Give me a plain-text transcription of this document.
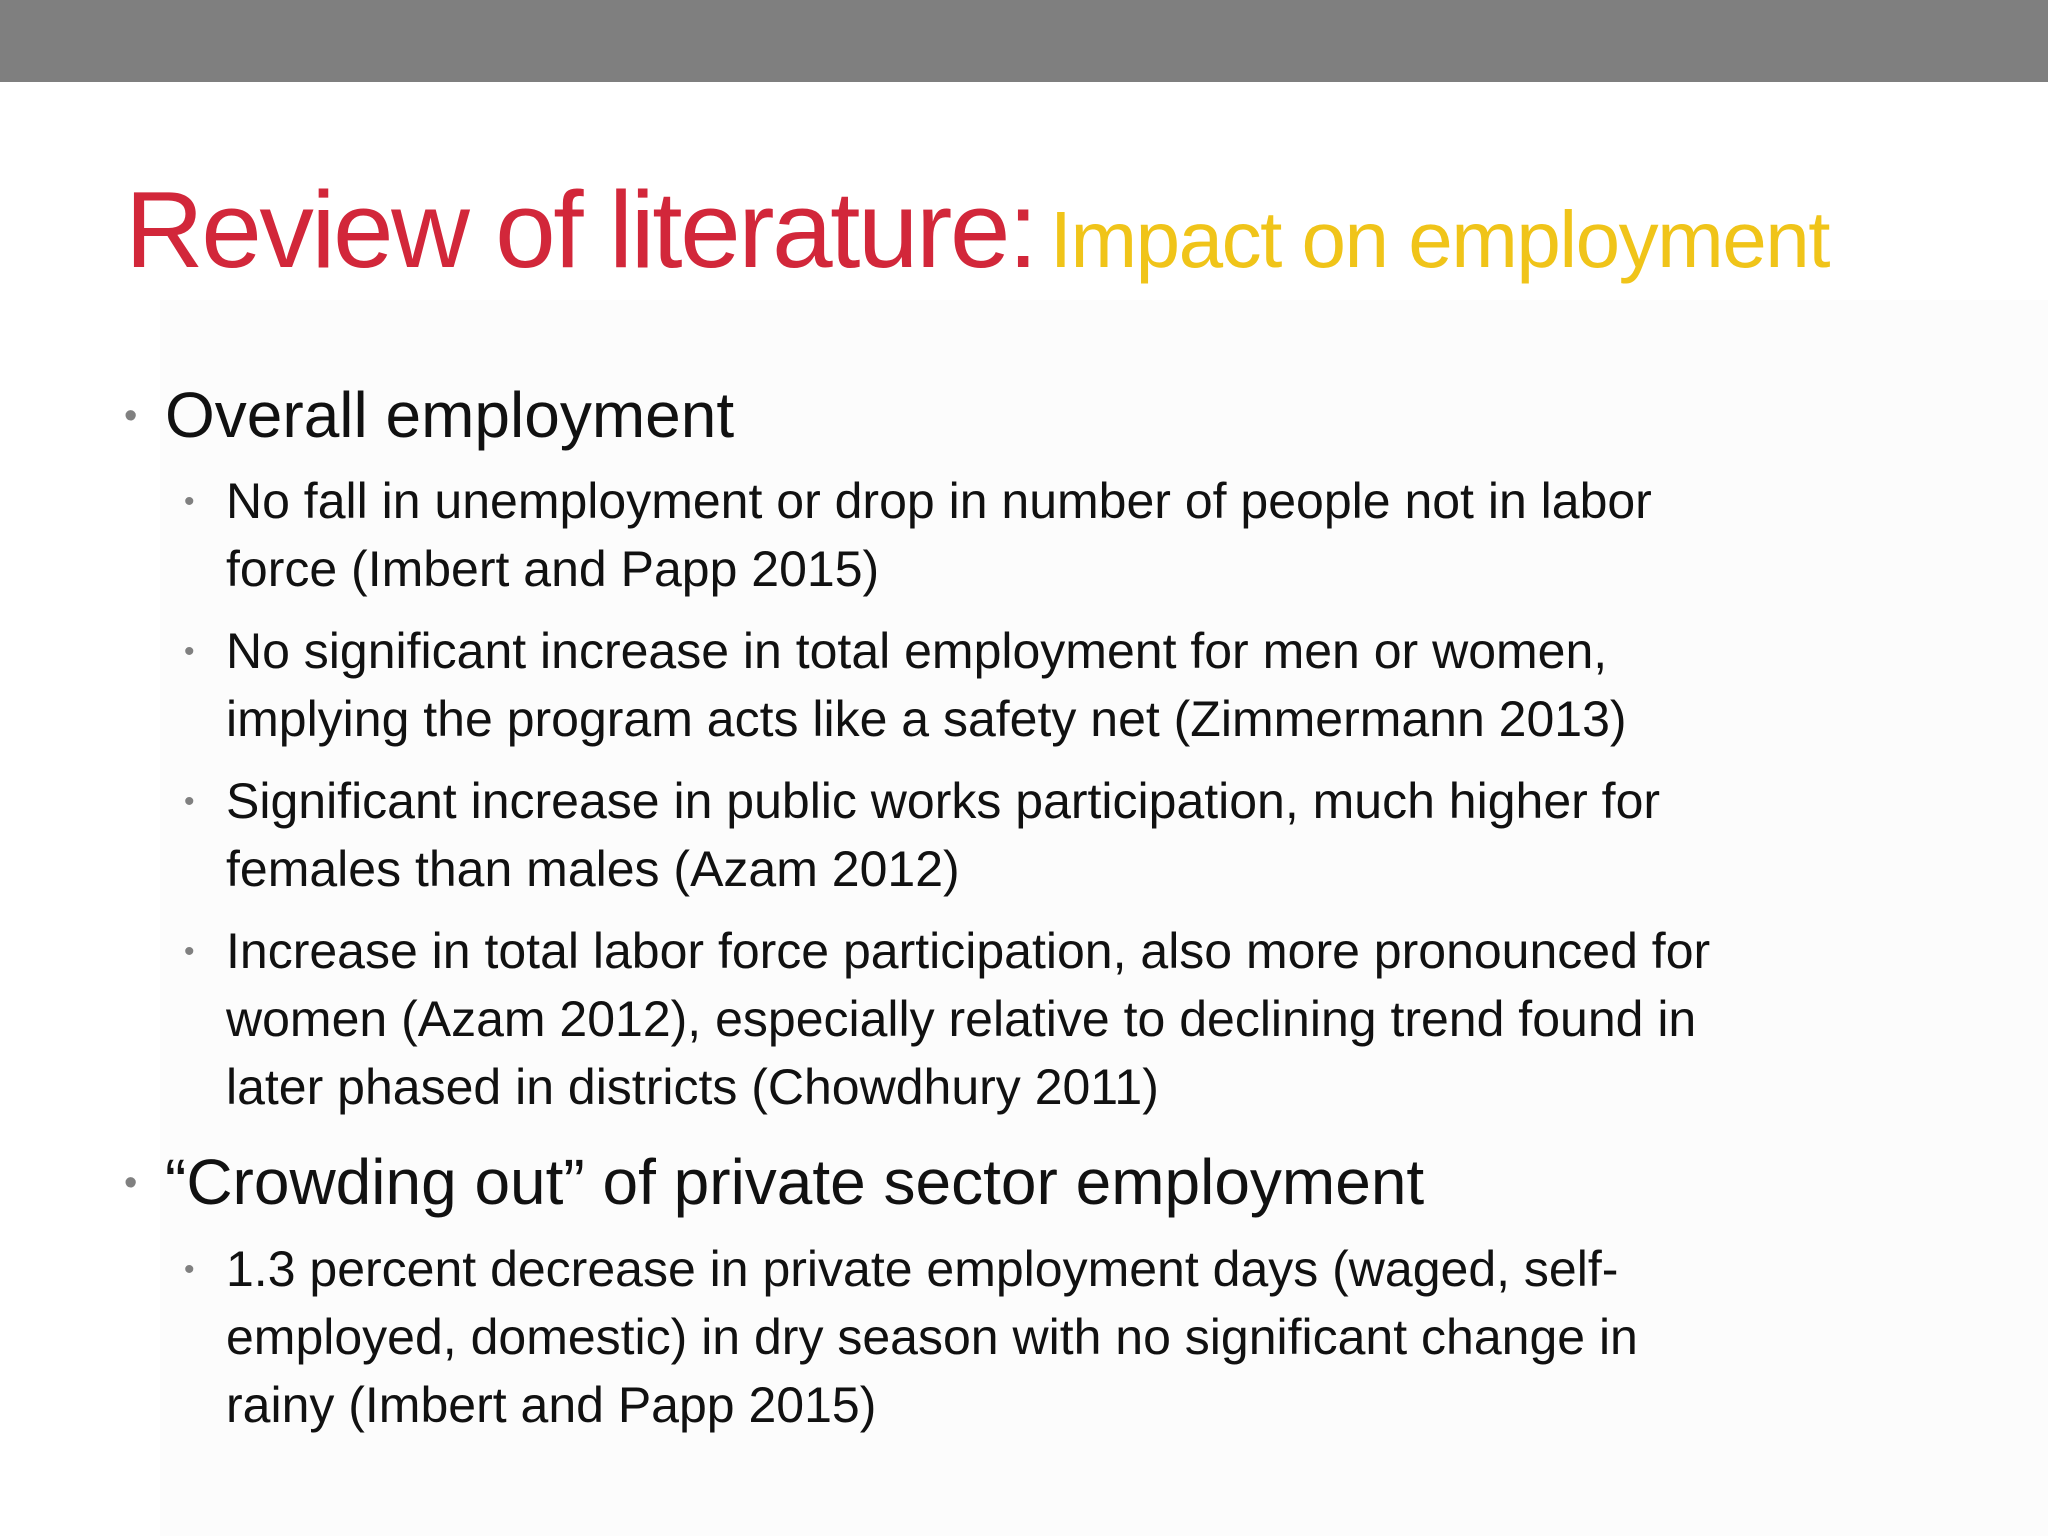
Review of literature: Impact on employment
• Overall employment
• No fall in unemployment or drop in number of people not in labor
force (Imbert and Papp 2015)
• No significant increase in total employment for men or women,
implying the program acts like a safety net (Zimmermann 2013)
• Significant increase in public works participation, much higher for
females than males (Azam 2012)
• Increase in total labor force participation, also more pronounced for
women (Azam 2012), especially relative to declining trend found in
later phased in districts (Chowdhury 2011)
• “Crowding out” of private sector employment
• 1.3 percent decrease in private employment days (waged, self-
employed, domestic) in dry season with no significant change in
rainy (Imbert and Papp 2015)
